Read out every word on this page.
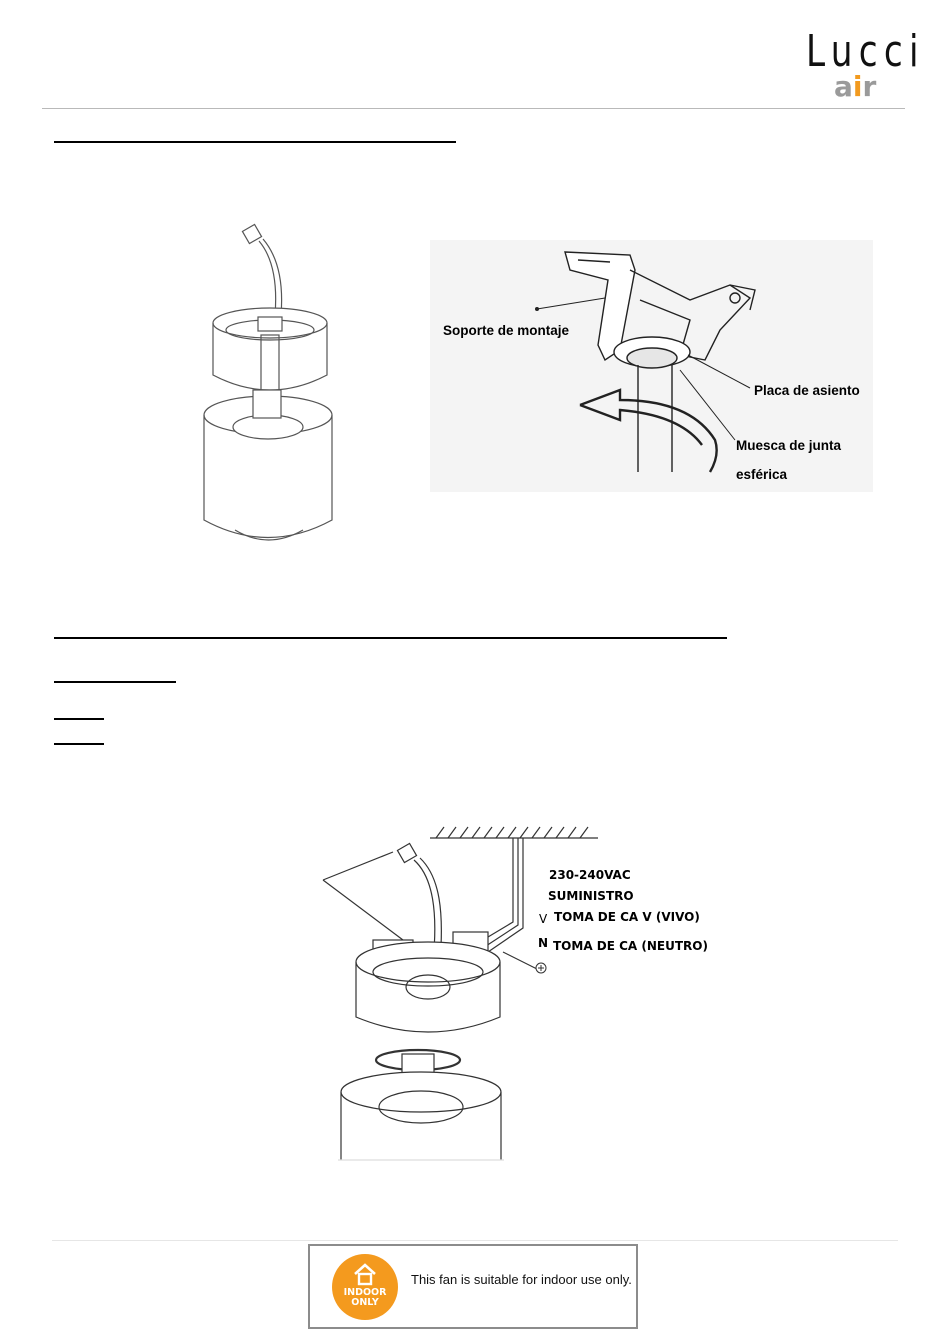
Lucci
air
Soporte de montaje
Placa de asiento
Muesca de junta
esférica
230-240VAC
SUMINISTRO
V TOMA DE CA V (VIVO)
N TOMA DE CA (NEUTRO)
INDOOR
ONLY
This fan is suitable for indoor use only.
